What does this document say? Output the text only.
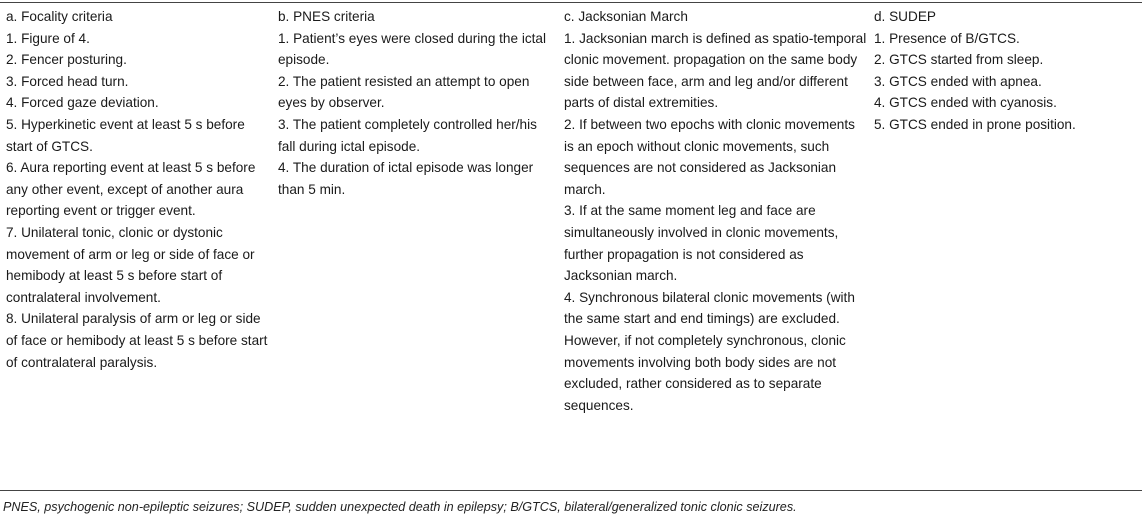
a. Focality criteria
1. Figure of 4.
2. Fencer posturing.
3. Forced head turn.
4. Forced gaze deviation.
5. Hyperkinetic event at least 5 s before start of GTCS.
6. Aura reporting event at least 5 s before any other event, except of another aura reporting event or trigger event.
7. Unilateral tonic, clonic or dystonic movement of arm or leg or side of face or hemibody at least 5 s before start of contralateral involvement.
8. Unilateral paralysis of arm or leg or side of face or hemibody at least 5 s before start of contralateral paralysis.
b. PNES criteria
1. Patient’s eyes were closed during the ictal episode.
2. The patient resisted an attempt to open eyes by observer.
3. The patient completely controlled her/his fall during ictal episode.
4. The duration of ictal episode was longer than 5 min.
c. Jacksonian March
1. Jacksonian march is defined as spatio-temporal clonic movement. propagation on the same body side between face, arm and leg and/or different parts of distal extremities.
2. If between two epochs with clonic movements is an epoch without clonic movements, such sequences are not considered as Jacksonian march.
3. If at the same moment leg and face are simultaneously involved in clonic movements, further propagation is not considered as Jacksonian march.
4. Synchronous bilateral clonic movements (with the same start and end timings) are excluded. However, if not completely synchronous, clonic movements involving both body sides are not excluded, rather considered as to separate sequences.
d. SUDEP
1. Presence of B/GTCS.
2. GTCS started from sleep.
3. GTCS ended with apnea.
4. GTCS ended with cyanosis.
5. GTCS ended in prone position.
PNES, psychogenic non-epileptic seizures; SUDEP, sudden unexpected death in epilepsy; B/GTCS, bilateral/generalized tonic clonic seizures.
